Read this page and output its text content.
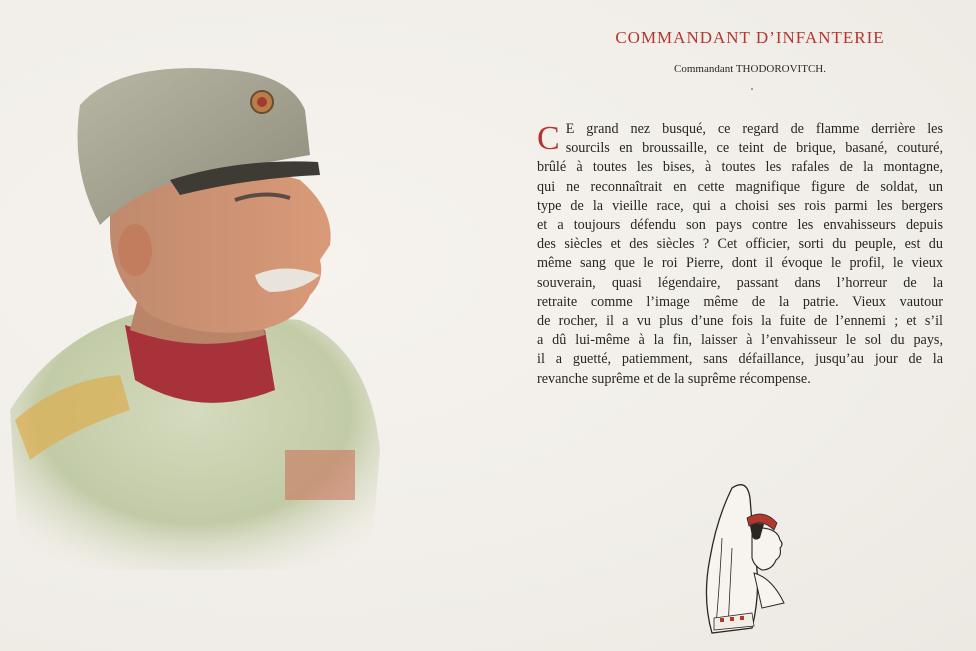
COMMANDANT D’INFANTERIE
Commandant THODOROVITCH.
C E grand nez busqué, ce regard de flamme derrière les
sourcils en broussaille, ce teint de brique, basané, couturé,
brûlé à toutes les bises, à toutes les rafales de la montagne,
qui ne reconnaîtrait en cette magnifique figure de soldat, un
type de la vieille race, qui a choisi ses rois parmi les bergers
et a toujours défendu son pays contre les envahisseurs depuis
des siècles et des siècles ? Cet officier, sorti du peuple, est du
même sang que le roi Pierre, dont il évoque le profil, le vieux
souverain, quasi légendaire, passant dans l’horreur de la
retraite comme l’image même de la patrie. Vieux vautour
de rocher, il a vu plus d’une fois la fuite de l’ennemi ; et s’il
a dû lui-même à la fin, laisser à l’envahisseur le sol du pays,
il a guetté, patiemment, sans défaillance, jusqu’au jour de la
revanche suprême et de la suprême récompense.
